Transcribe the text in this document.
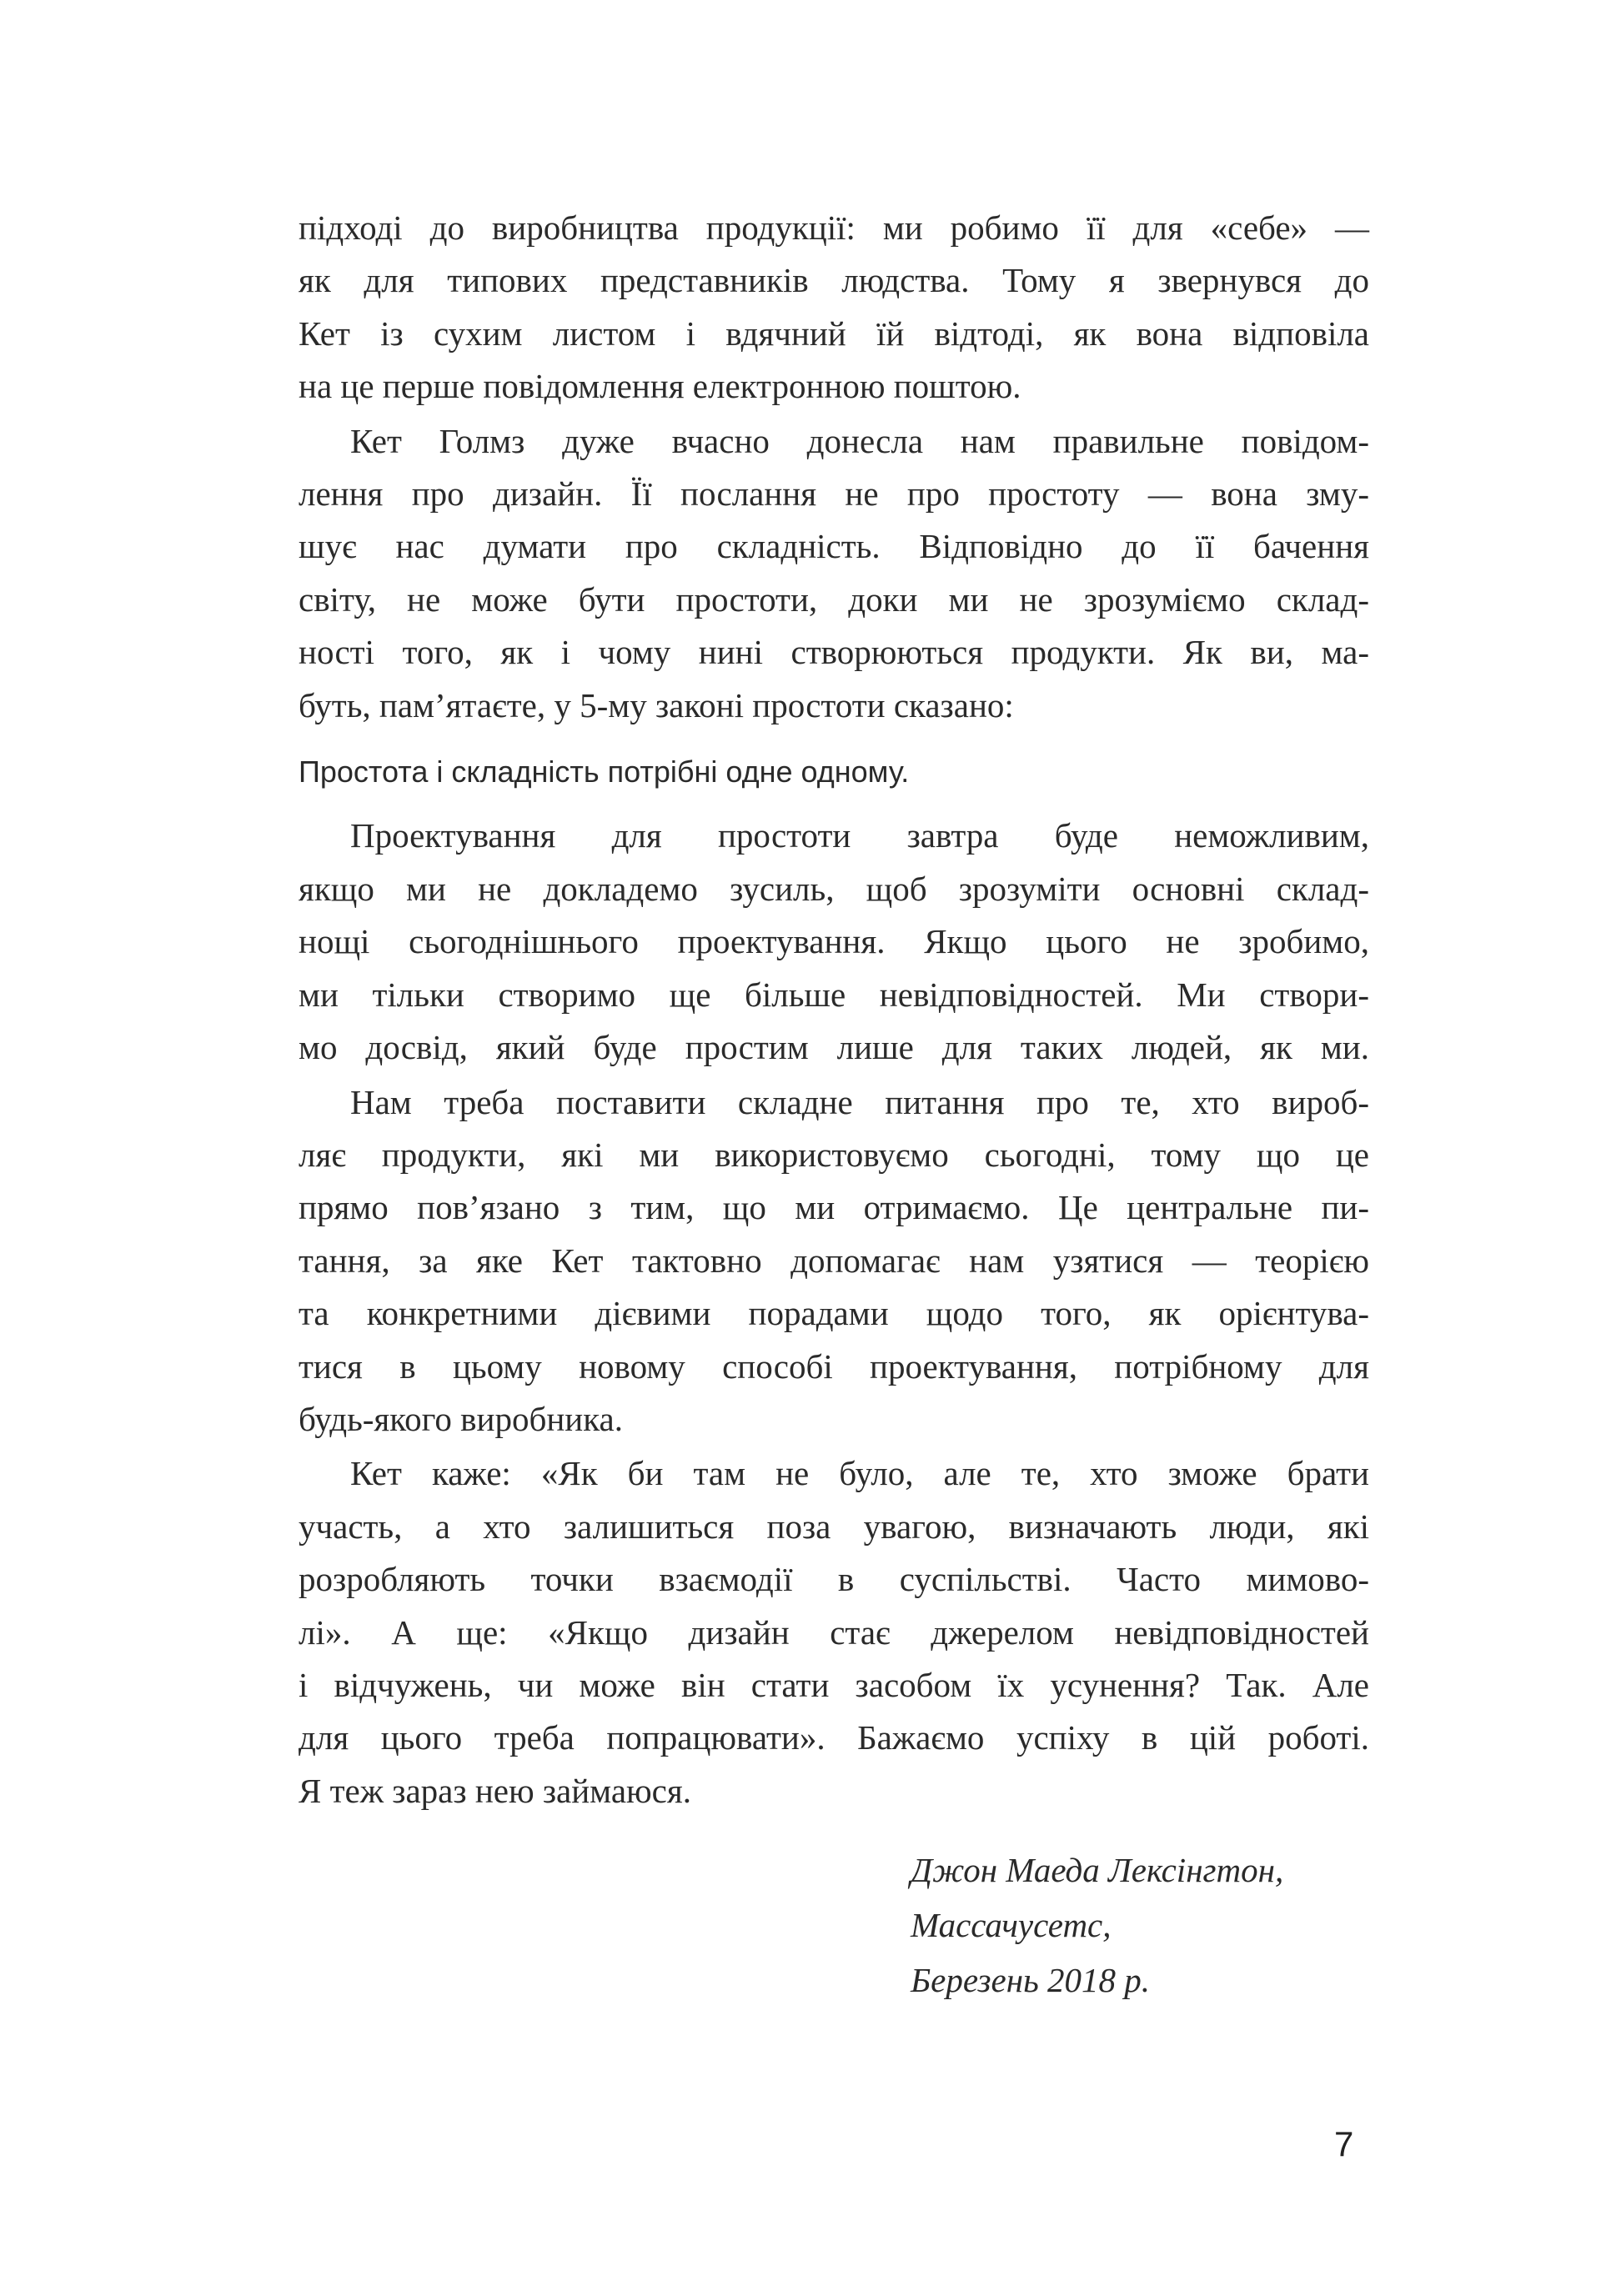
підході до виробництва продукції: ми робимо її для «себе» —
як для типових представників людства. Тому я звернувся до
Кет із сухим листом і вдячний їй відтоді, як вона відповіла
на це перше повідомлення електронною поштою.
Кет Голмз дуже вчасно донесла нам правильне повідом-
лення про дизайн. Її послання не про простоту — вона зму-
шує нас думати про складність. Відповідно до її бачення
світу, не може бути простоти, доки ми не зрозуміємо склад-
ності того, як і чому нині створюються продукти. Як ви, ма-
буть, пам’ятаєте, у 5-му законі простоти сказано:
Простота і складність потрібні одне одному.
Проектування для простоти завтра буде неможливим,
якщо ми не докладемо зусиль, щоб зрозуміти основні склад-
нощі сьогоднішнього проектування. Якщо цього не зробимо,
ми тільки створимо ще більше невідповідностей. Ми створи-
мо досвід, який буде простим лише для таких людей, як ми.
Нам треба поставити складне питання про те, хто вироб-
ляє продукти, які ми використовуємо сьогодні, тому що це
прямо пов’язано з тим, що ми отримаємо. Це центральне пи-
тання, за яке Кет тактовно допомагає нам узятися — теорією
та конкретними дієвими порадами щодо того, як орієнтува-
тися в цьому новому способі проектування, потрібному для
будь-якого виробника.
Кет каже: «Як би там не було, але те, хто зможе брати
участь, а хто залишиться поза увагою, визначають люди, які
розробляють точки взаємодії в суспільстві. Часто мимово-
лі». А ще: «Якщо дизайн стає джерелом невідповідностей
і відчужень, чи може він стати засобом їх усунення? Так. Але
для цього треба попрацювати». Бажаємо успіху в цій роботі.
Я теж зараз нею займаюся.
Джон Маеда Лексінгтон,
Массачусетс,
Березень 2018 р.
7
